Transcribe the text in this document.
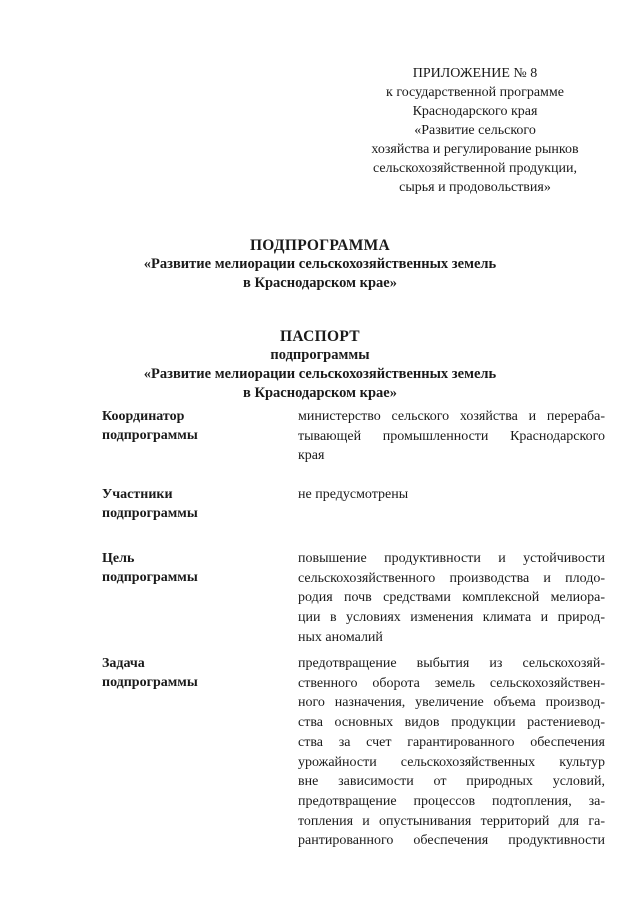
ПРИЛОЖЕНИЕ № 8
к государственной программе
Краснодарского края
«Развитие сельского
хозяйства и регулирование рынков
сельскохозяйственной продукции,
сырья и продовольствия»
ПОДПРОГРАММА
«Развитие мелиорации сельскохозяйственных земель
в Краснодарском крае»
ПАСПОРТ
подпрограммы
«Развитие мелиорации сельскохозяйственных земель
в Краснодарском крае»
Координатор
подпрограммы
министерство сельского хозяйства и перераба-
тывающей промышленности Краснодарского
края
Участники
подпрограммы
не предусмотрены
Цель
подпрограммы
повышение продуктивности и устойчивости
сельскохозяйственного производства и плодо-
родия почв средствами комплексной мелиора-
ции в условиях изменения климата и природ-
ных аномалий
Задача
подпрограммы
предотвращение выбытия из сельскохозяй-
ственного оборота земель сельскохозяйствен-
ного назначения, увеличение объема производ-
ства основных видов продукции растениевод-
ства за счет гарантированного обеспечения
урожайности сельскохозяйственных культур
вне зависимости от природных условий,
предотвращение процессов подтопления, за-
топления и опустынивания территорий для га-
рантированного обеспечения продуктивности
